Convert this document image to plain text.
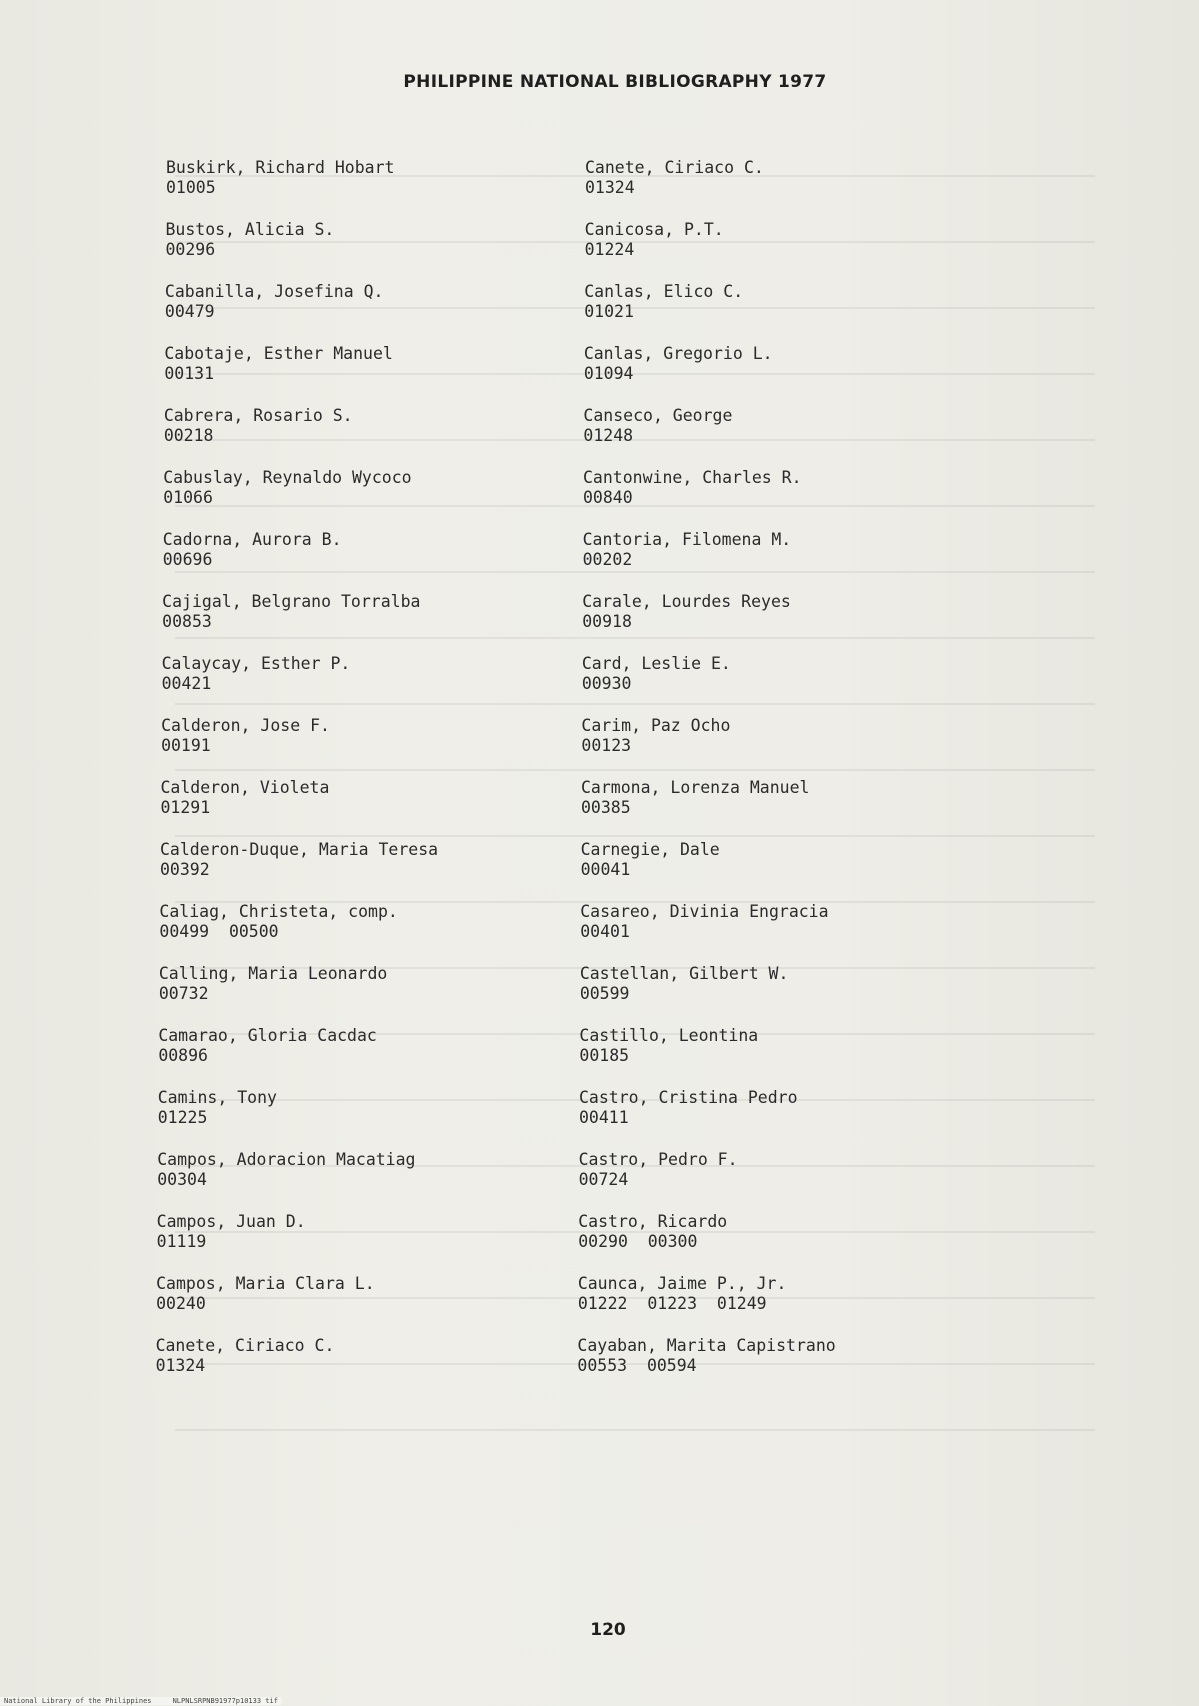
PHILIPPINE NATIONAL BIBLIOGRAPHY 1977
Buskirk, Richard Hobart
01005
Bustos, Alicia S.
00296
Cabanilla, Josefina Q.
00479
Cabotaje, Esther Manuel
00131
Cabrera, Rosario S.
00218
Cabuslay, Reynaldo Wycoco
01066
Cadorna, Aurora B.
00696
Cajigal, Belgrano Torralba
00853
Calaycay, Esther P.
00421
Calderon, Jose F.
00191
Calderon, Violeta
01291
Calderon-Duque, Maria Teresa
00392
Caliag, Christeta, comp.
00499  00500
Calling, Maria Leonardo
00732
Camarao, Gloria Cacdac
00896
Camins, Tony
01225
Campos, Adoracion Macatiag
00304
Campos, Juan D.
01119
Campos, Maria Clara L.
00240
Canete, Ciriaco C.
01324
Canete, Ciriaco C.
01324
Canicosa, P.T.
01224
Canlas, Elico C.
01021
Canlas, Gregorio L.
01094
Canseco, George
01248
Cantonwine, Charles R.
00840
Cantoria, Filomena M.
00202
Carale, Lourdes Reyes
00918
Card, Leslie E.
00930
Carim, Paz Ocho
00123
Carmona, Lorenza Manuel
00385
Carnegie, Dale
00041
Casareo, Divinia Engracia
00401
Castellan, Gilbert W.
00599
Castillo, Leontina
00185
Castro, Cristina Pedro
00411
Castro, Pedro F.
00724
Castro, Ricardo
00290  00300
Caunca, Jaime P., Jr.
01222  01223  01249
Cayaban, Marita Capistrano
00553  00594
120
National Library of the Philippines     NLPNLSRPNB91977p10133 tif
